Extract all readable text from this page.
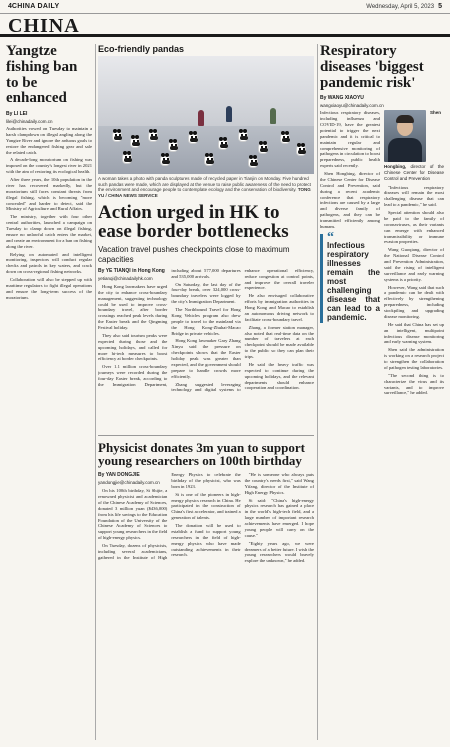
4 CHINA DAILY	Wednesday, April 5, 2023 5
CHINA
Yangtze fishing ban to be enhanced
By LI LEI
lilei@chinadaily.com.cn

Authorities vowed on Tuesday to maintain a harsh clampdown on illegal angling along the Yangtze River and ignore the arduous goals to restore the endangered fishing gear and sale the related catch.

A decade-long moratorium on fishing was imposed on the country's longest river in 2021 with the aim of restoring its ecological health.

After three years, the 10th population in the river has recovered markedly, but the moratorium still faces constant threats from illegal fishing, which is becoming "more concealed" and harder to detect, said the Ministry of Agriculture and Rural Affairs.

The ministry, together with four other central authorities, launched a campaign on Tuesday to clamp down on illegal fishing, ensure no unlawful catch enters the market, and create an environment for a ban on fishing along the river.

Relying on automated and intelligent monitoring, inspectors will conduct regular checks and patrols in key waters, and crack down on cross-regional fishing networks.

Collaboration will also be stepped up with maritime regulators to fight illegal operations and ensure the long-term success of the moratorium.

Eco-friendly pandas
A woman takes a photo with panda sculptures made of recycled paper in Tianjin on Monday. Five hundred such pandas were made, which are displayed at the venue to raise public awareness of the need to protect the environment and encourage people to contemplate ecology and the conservation of biodiversity. TONG YU / CHINA NEWS SERVICE
Action urged in HK to ease border bottlenecks
Vacation travel pushes checkpoints close to maximum capacities
By YE TIANQI in Hong Kong
yetianqi@chinadailyhk.com

Hong Kong lawmakers have urged the city to enhance cross-boundary management, suggesting technology could be used to improve cross-boundary travel, after border crossings reached peak levels during the Easter break and the Qingming Festival holiday.

They also said tourism peaks were expected during those and the upcoming holidays, and called for more hi-tech measures to boost efficiency at border checkpoints.

Over 1.1 million cross-boundary journeys were recorded during the four-day Easter break, according to the Immigration Department, including about 577,000 departures and 535,000 arrivals.

On Saturday, the last day of the four-day break, over 324,000 cross-boundary travelers were logged by the city's Immigration Department.

The Northbound Travel for Hong Kong Vehicles program also drew people to travel to the mainland via the Hong Kong-Zhuhai-Macao Bridge in private vehicles.

Hong Kong lawmaker Gary Zhang Xinyu said the pressure on checkpoints shows that the Easter holiday peak was greater than expected, and the government should prepare to handle crowds more efficiently.

Zhang suggested leveraging technology and digital systems to enhance operational efficiency, reduce congestion at control points, and improve the overall traveler experience.

He also envisaged collaborative efforts by immigration authorities in Hong Kong and Macao to establish an autonomous driving network to facilitate cross-boundary travel.

Zhang, a former station manager, also noted that real-time data on the number of travelers at each checkpoint should be made available to the public so they can plan their trips.

He said the heavy traffic was expected to continue during the upcoming holidays, and the relevant departments should enhance cooperation and coordination.

Physicist donates 3m yuan to support young researchers on 100th birthday
By YAN DONGJIE
yandongjie@chinadaily.com.cn

On his 100th birthday, Si Shijie, a renowned physicist and academician of the Chinese Academy of Sciences, donated 3 million yuan ($436,000) from his life savings to the Education Foundation of the University of the Chinese Academy of Sciences to support young researchers in the field of high-energy physics.

On Tuesday, dozens of physicists, including several academicians, gathered in the Institute of High Energy Physics to celebrate the birthday of the physicist, who was born in 1923.

Si is one of the pioneers in high-energy physics research in China. He participated in the construction of China's first accelerator, and trained a generation of talents.

The donation will be used to establish a fund to support young researchers in the field of high-energy physics who have made outstanding achievements in their research.

"He is someone who always puts the country's needs first," said Wang Yifang, director of the Institute of High Energy Physics.

Si said: "China's high-energy physics research has gained a place in the world's high-tech field, and a large number of important research achievements have emerged. I hope young people will carry on the cause."

"Eighty years ago, we were dreamers of a better future. I wish the young researchers would bravely explore the unknown," he added.

Respiratory diseases 'biggest pandemic risk'
By WANG XIAOYU
wangxiaoyu@chinadaily.com.cn

Infectious respiratory diseases, including influenza and COVID-19, have the greatest potential to trigger the next pandemic and it is critical to maintain regular and comprehensive monitoring of pathogens in circulation to boost preparedness, public health experts said recently.

Shen Hongbing, director of the Chinese Center for Disease Control and Prevention, said during a recent academic conference that respiratory infections are caused by a large and diverse family of pathogens, and they can be transmitted efficiently among humans.

“
Infectious respiratory illnesses remain the most challenging disease that can lead to a pandemic.
Shen Hongbing, director of the Chinese Center for Disease Control and Prevention

"Infectious respiratory diseases will remain the most challenging disease that can lead to a pandemic," he said.

Special attention should also be paid to the family of coronaviruses, as their variants can emerge with enhanced transmissibility or immune evasion properties.

Wang Guoqiang, director of the National Disease Control and Prevention Administration, said the rising of intelligent surveillance and early warning systems is a priority.

However, Wang said that such a pandemic can be dealt with effectively by strengthening preparedness, including stockpiling and upgrading disease monitoring.

He said that China has set up an intelligent, multipoint infectious disease monitoring and early warning system.

Shen said the administration is working on a research project to strengthen the collaboration of pathogen testing laboratories.

"The second thing is to characterize the virus and its variants, and to improve surveillance," he added.
